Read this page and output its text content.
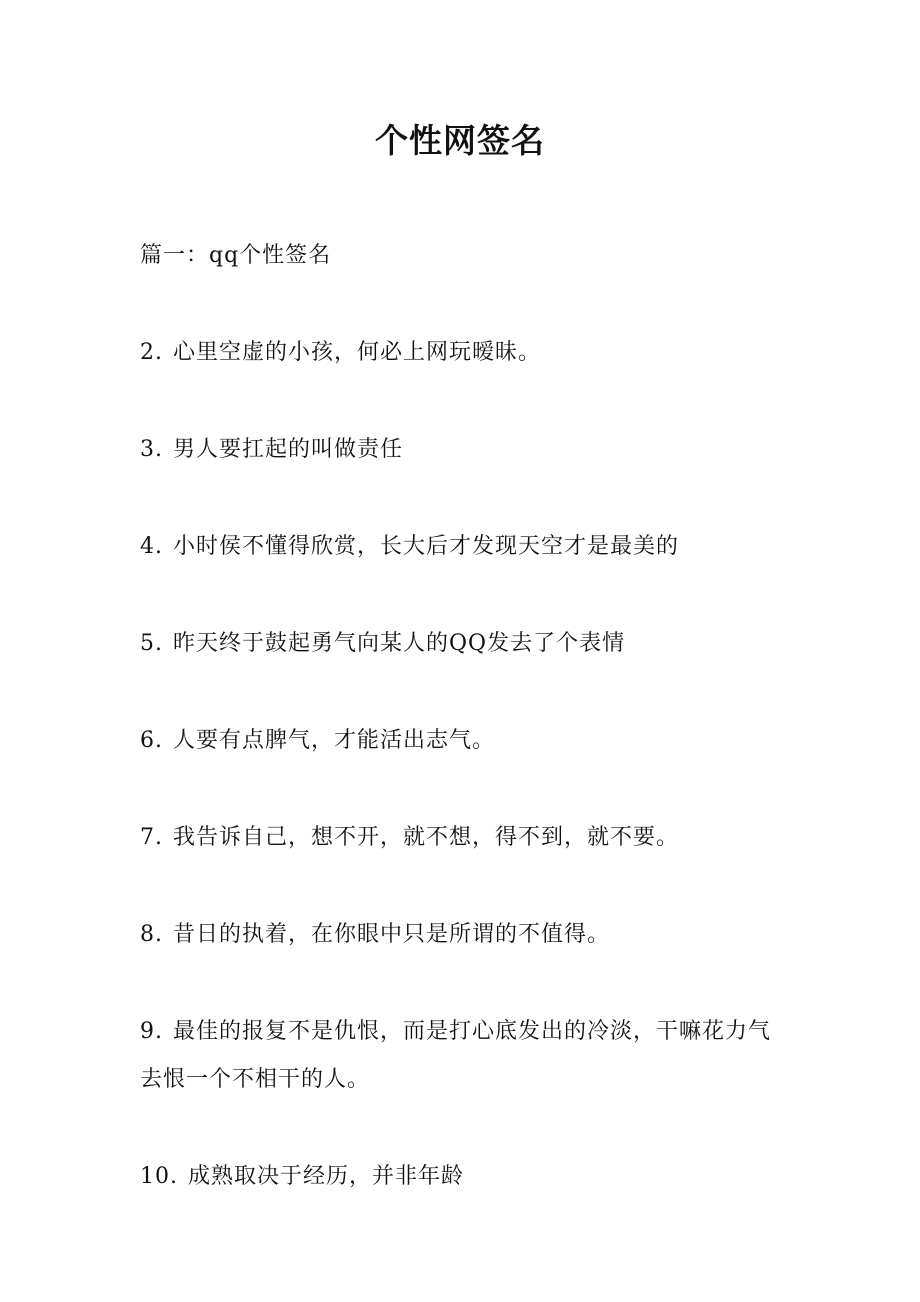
个性网签名

篇一：qq个性签名

2. 心里空虚的小孩，何必上网玩暧昧。

3. 男人要扛起的叫做责任

4. 小时侯不懂得欣赏，长大后才发现天空才是最美的

5. 昨天终于鼓起勇气向某人的QQ发去了个表情

6. 人要有点脾气，才能活出志气。

7. 我告诉自己，想不开，就不想，得不到，就不要。

8. 昔日的执着，在你眼中只是所谓的不值得。

9. 最佳的报复不是仇恨，而是打心底发出的冷淡，干嘛花力气去恨一个不相干的人。

10. 成熟取决于经历，并非年龄
